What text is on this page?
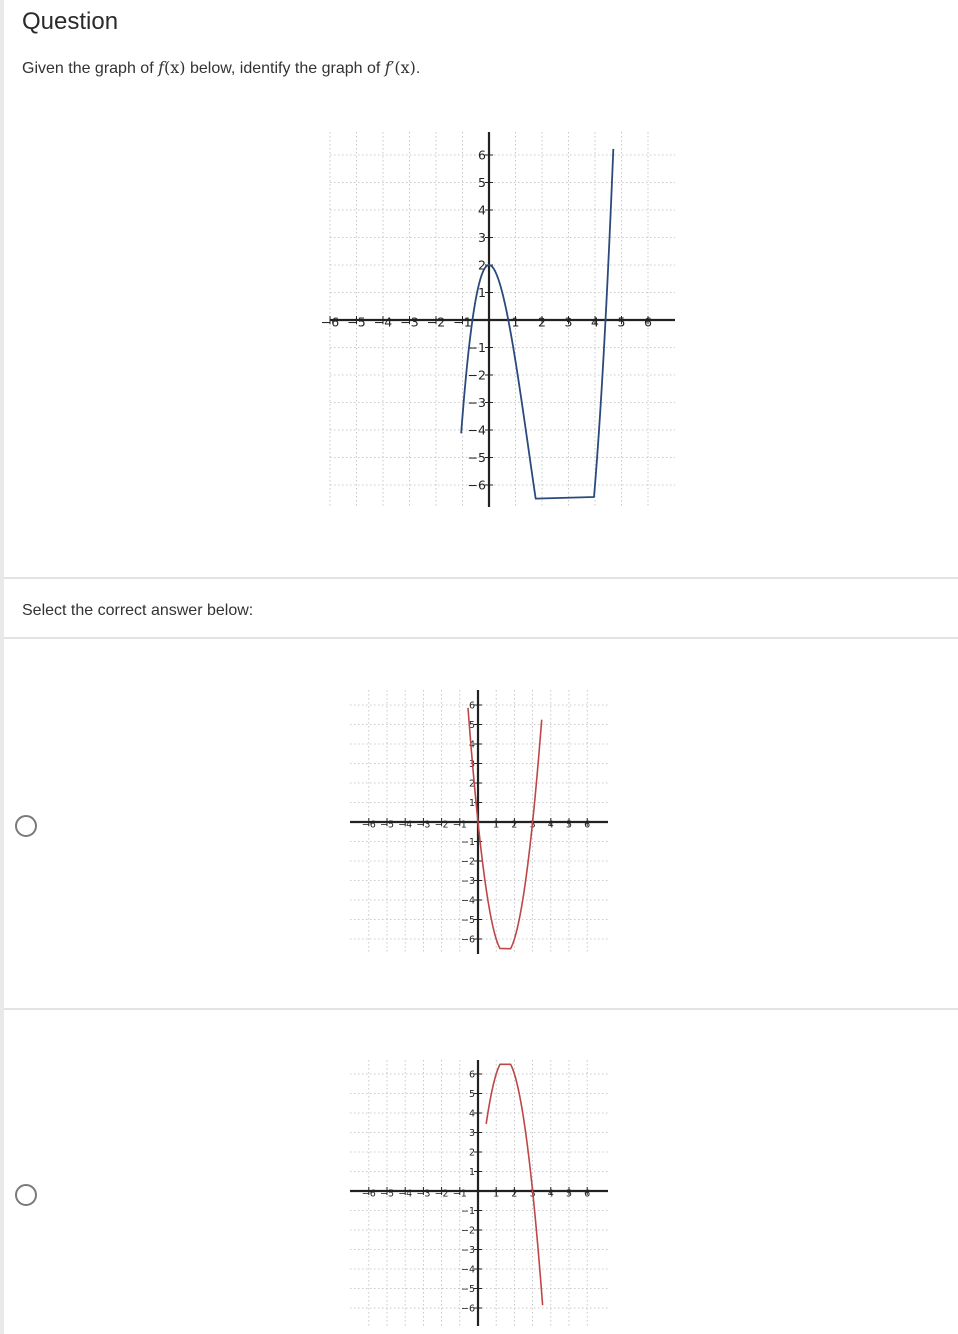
Question
Given the graph of f(x) below, identify the graph of f′(x).
−6 −5 −4 −3 −2 −1	1 2 3 4 5 6
6
5
4
3
2
1
−1
−2
−3
−4
−5
−6
Select the correct answer below:
−6 −5 −4 −3 −2 −1	1 2 3 4 5 6
6
5
4
3
2
1
−1
−2
−3
−4
−5
−6
−6 −5 −4 −3 −2 −1	1 2 3 4 5 6
6
5
4
3
2
1
−1
−2
−3
−4
−5
−6
